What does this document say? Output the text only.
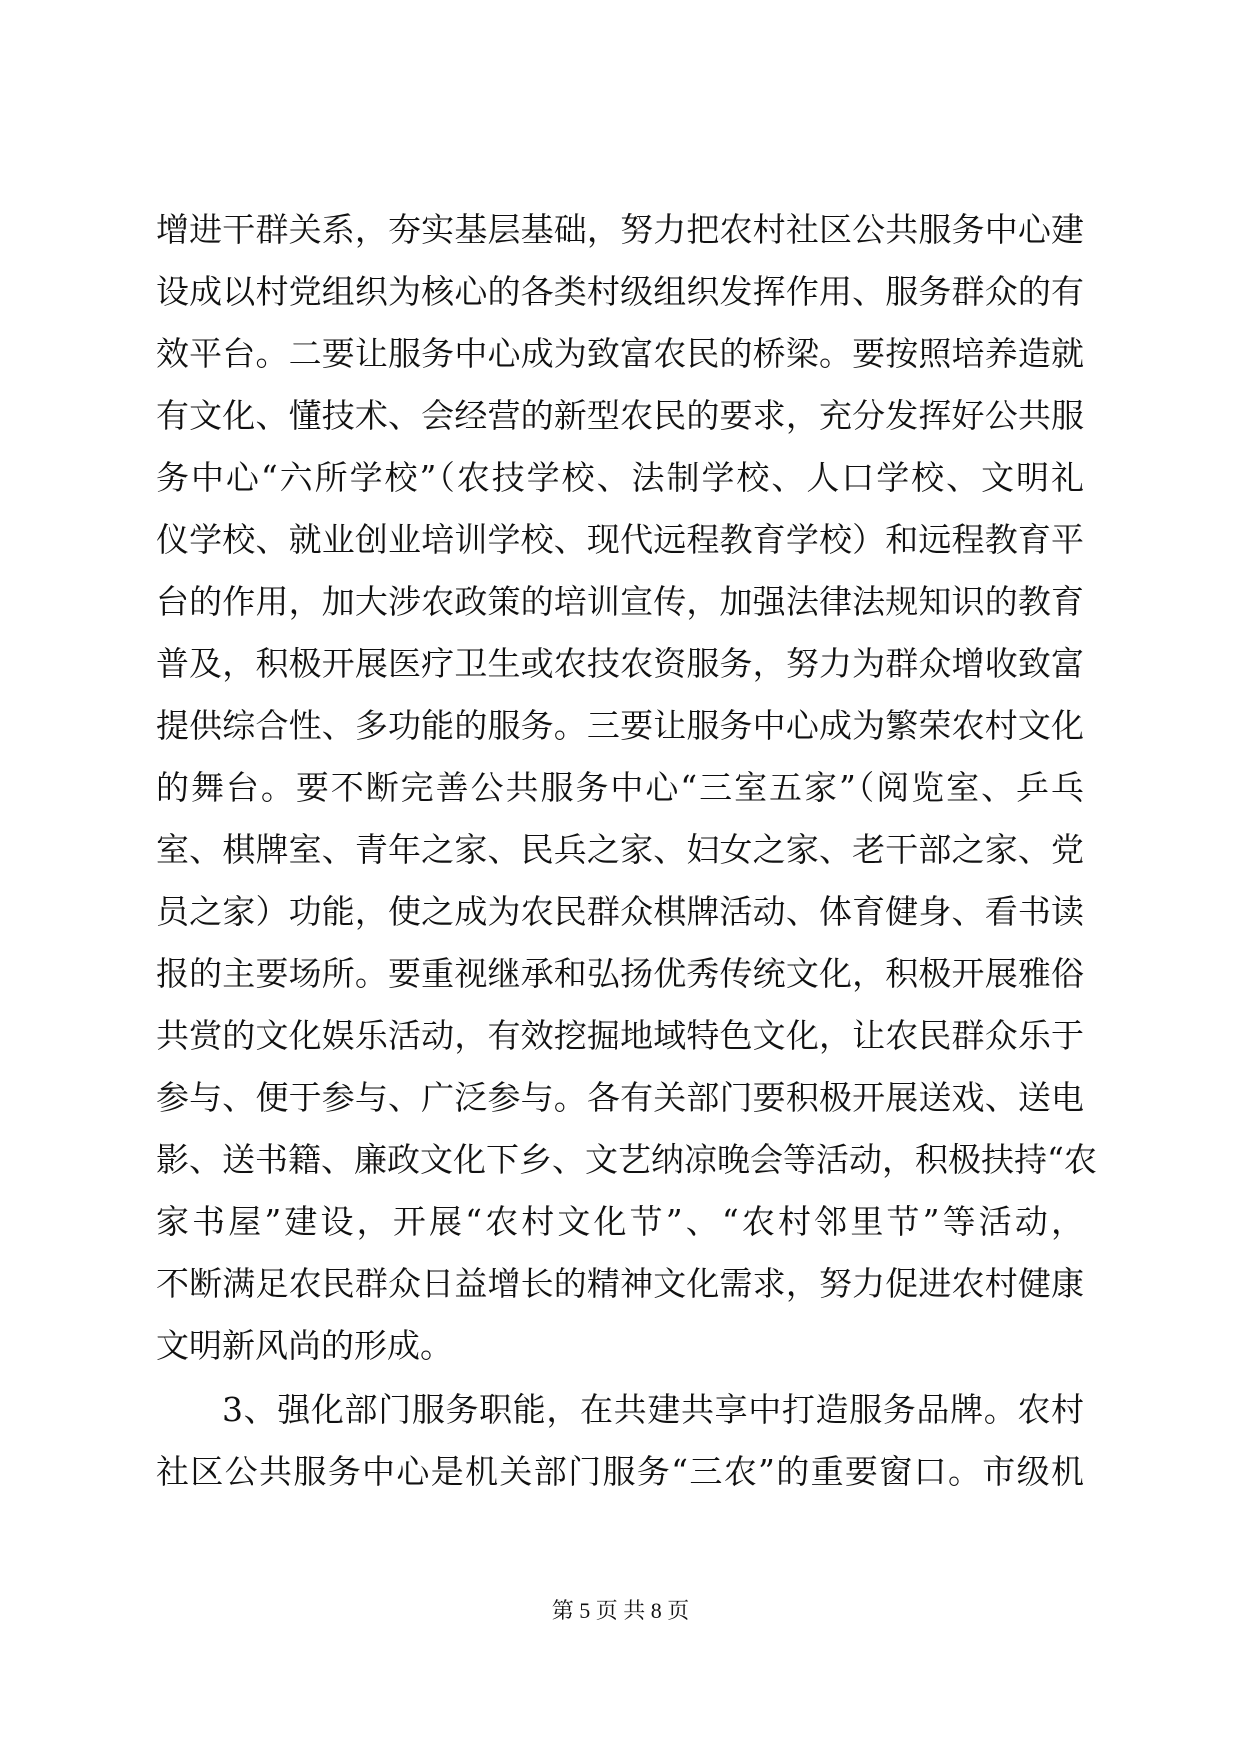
增进干群关系，夯实基层基础，努力把农村社区公共服务中心建
设成以村党组织为核心的各类村级组织发挥作用、服务群众的有
效平台。二要让服务中心成为致富农民的桥梁。要按照培养造就
有文化、懂技术、会经营的新型农民的要求，充分发挥好公共服
务中心“六所学校”（农技学校、法制学校、人口学校、文明礼
仪学校、就业创业培训学校、现代远程教育学校）和远程教育平
台的作用，加大涉农政策的培训宣传，加强法律法规知识的教育
普及，积极开展医疗卫生或农技农资服务，努力为群众增收致富
提供综合性、多功能的服务。三要让服务中心成为繁荣农村文化
的舞台。要不断完善公共服务中心“三室五家”（阅览室、乒乓
室、棋牌室、青年之家、民兵之家、妇女之家、老干部之家、党
员之家）功能，使之成为农民群众棋牌活动、体育健身、看书读
报的主要场所。要重视继承和弘扬优秀传统文化，积极开展雅俗
共赏的文化娱乐活动，有效挖掘地域特色文化，让农民群众乐于
参与、便于参与、广泛参与。各有关部门要积极开展送戏、送电
影、送书籍、廉政文化下乡、文艺纳凉晚会等活动，积极扶持“农
家书屋”建设，开展“农村文化节”、“农村邻里节”等活动，
不断满足农民群众日益增长的精神文化需求，努力促进农村健康
文明新风尚的形成。
3、强化部门服务职能，在共建共享中打造服务品牌。农村
社区公共服务中心是机关部门服务“三农”的重要窗口。市级机
第 5 页 共 8 页
